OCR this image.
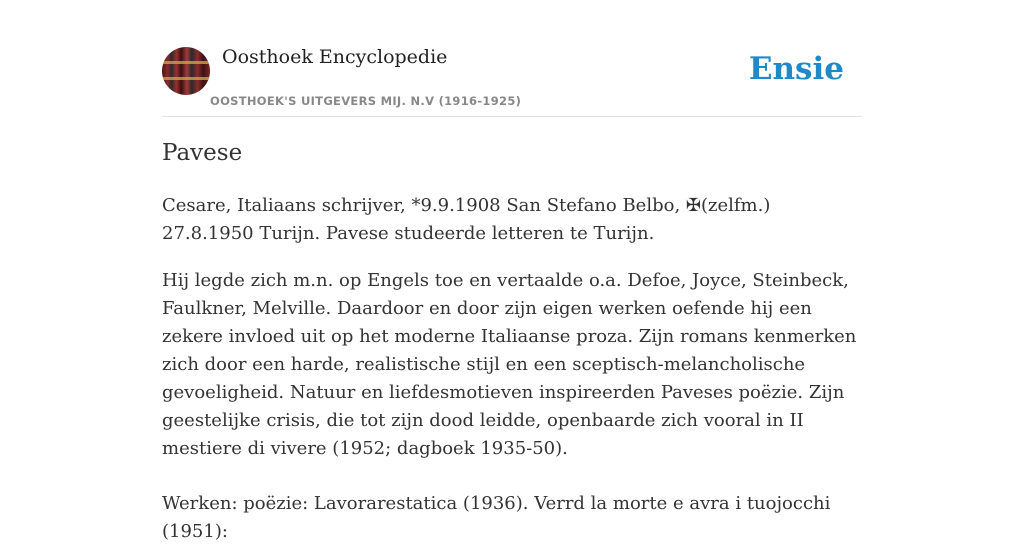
Oosthoek Encyclopedie
OOSTHOEK'S UITGEVERS MIJ. N.V (1916-1925)
Ensie
Pavese
Cesare, Italiaans schrijver, *9.9.1908 San Stefano Belbo, ✠(zelfm.) 27.8.1950 Turijn. Pavese studeerde letteren te Turijn.
Hij legde zich m.n. op Engels toe en vertaalde o.a. Defoe, Joyce, Steinbeck, Faulkner, Melville. Daardoor en door zijn eigen werken oefende hij een zekere invloed uit op het moderne Italiaanse proza. Zijn romans kenmerken zich door een harde, realistische stijl en een sceptisch-melancholische gevoeligheid. Natuur en liefdesmotieven inspireerden Paveses poëzie. Zijn geestelijke crisis, die tot zijn dood leidde, openbaarde zich vooral in II mestiere di vivere (1952; dagboek 1935-50).
Werken: poëzie: Lavorarestatica (1936). Verrd la morte e avra i tuojocchi (1951):
